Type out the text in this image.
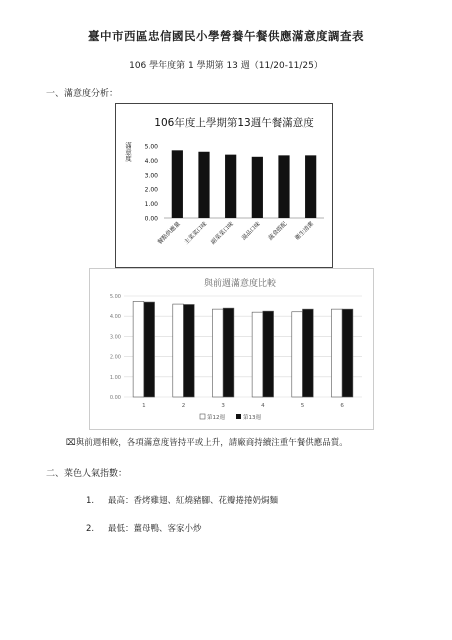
臺中市西區忠信國民小學營養午餐供應滿意度調查表
106 學年度第 1 學期第 13 週（11/20-11/25）
一、滿意度分析：
106年度上學期第13週午餐滿意度
滿意度
0.00
1.00
2.00
3.00
4.00
5.00
餐點供應量 主菜菜口味 副菜菜口味 湯品口味 蔬食搭配 衛生清潔
與前週滿意度比較
0.00
1.00
2.00
3.00
4.00
5.00
1	2	3	4	5	6
第12週	第13週
⌧與前週相較，各項滿意度皆持平或上升，請廠商持續注重午餐供應品質。
二、菜色人氣指數：
1. 最高：香烤雞翅、紅燒豬腳、花瓣捲捲奶焗麵
2. 最低：薑母鴨、客家小炒
